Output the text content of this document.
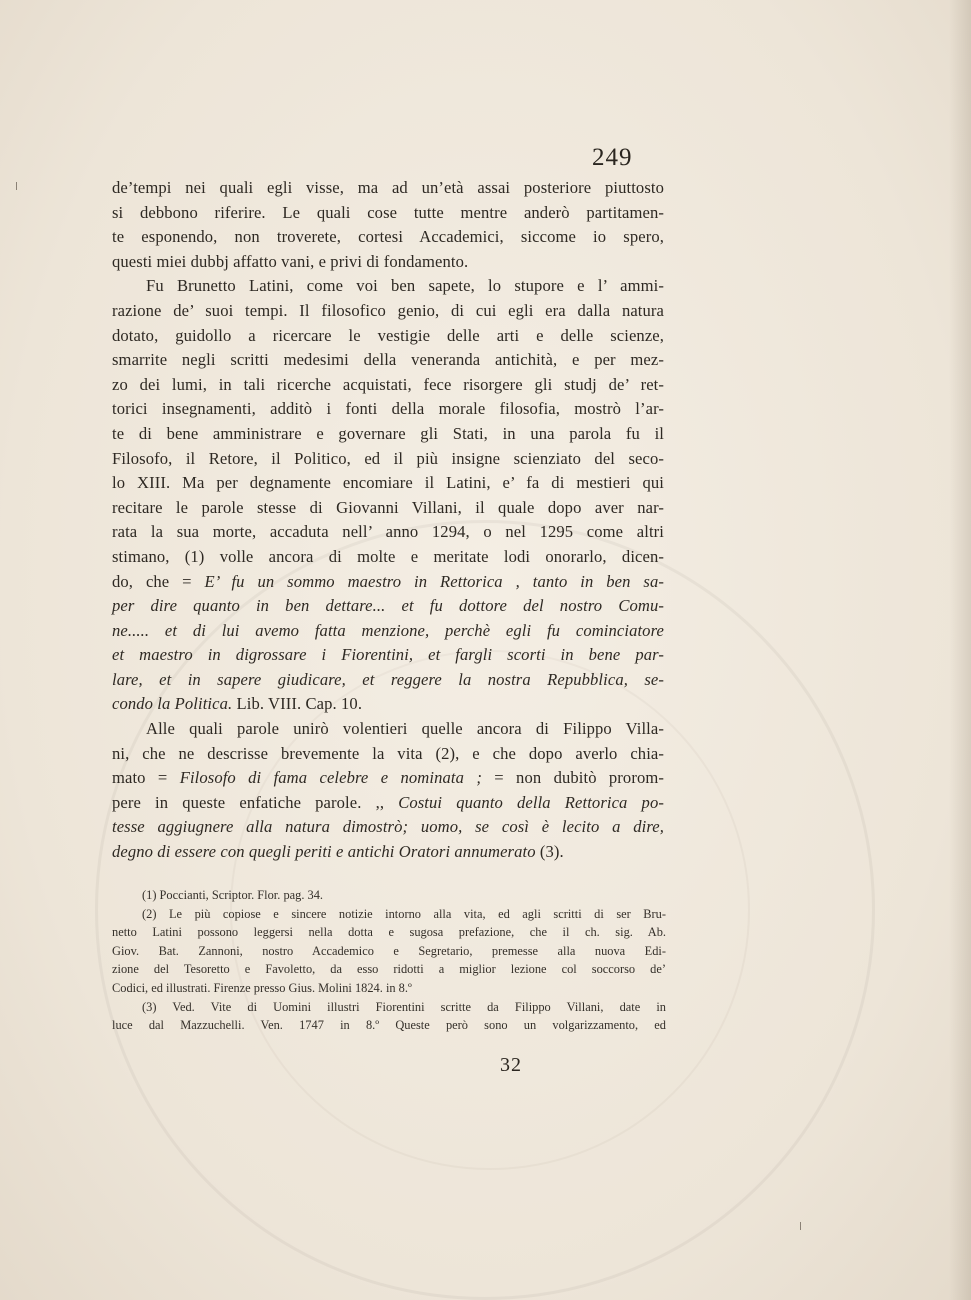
249
de’tempi nei quali egli visse, ma ad un’età assai posteriore piuttosto
si debbono riferire. Le quali cose tutte mentre anderò partitamen-
te esponendo, non troverete, cortesi Accademici, siccome io spero,
questi miei dubbj affatto vani, e privi di fondamento.
Fu Brunetto Latini, come voi ben sapete, lo stupore e l’ ammi-
razione de’ suoi tempi. Il filosofico genio, di cui egli era dalla natura
dotato, guidollo a ricercare le vestigie delle arti e delle scienze,
smarrite negli scritti medesimi della veneranda antichità, e per mez-
zo dei lumi, in tali ricerche acquistati, fece risorgere gli studj de’ ret-
torici insegnamenti, additò i fonti della morale filosofia, mostrò l’ar-
te di bene amministrare e governare gli Stati, in una parola fu il
Filosofo, il Retore, il Politico, ed il più insigne scienziato del seco-
lo XIII. Ma per degnamente encomiare il Latini, e’ fa di mestieri qui
recitare le parole stesse di Giovanni Villani, il quale dopo aver nar-
rata la sua morte, accaduta nell’ anno 1294, o nel 1295 come altri
stimano, (1) volle ancora di molte e meritate lodi onorarlo, dicen-
do, che = E’ fu un sommo maestro in Rettorica , tanto in ben sa-
per dire quanto in ben dettare... et fu dottore del nostro Comu-
ne..... et di lui avemo fatta menzione, perchè egli fu cominciatore
et maestro in digrossare i Fiorentini, et fargli scorti in bene par-
lare, et in sapere giudicare, et reggere la nostra Repubblica, se-
condo la Politica. Lib. VIII. Cap. 10.
Alle quali parole unirò volentieri quelle ancora di Filippo Villa-
ni, che ne descrisse brevemente la vita (2), e che dopo averlo chia-
mato = Filosofo di fama celebre e nominata ; = non dubitò prorom-
pere in queste enfatiche parole. ,, Costui quanto della Rettorica po-
tesse aggiugnere alla natura dimostrò; uomo, se così è lecito a dire,
degno di essere con quegli periti e antichi Oratori annumerato (3).
(1) Poccianti, Scriptor. Flor. pag. 34.
(2) Le più copiose e sincere notizie intorno alla vita, ed agli scritti di ser Bru-
netto Latini possono leggersi nella dotta e sugosa prefazione, che il ch. sig. Ab.
Giov. Bat. Zannoni, nostro Accademico e Segretario, premesse alla nuova Edi-
zione del Tesoretto e Favoletto, da esso ridotti a miglior lezione col soccorso de’
Codici, ed illustrati. Firenze presso Gius. Molini 1824. in 8.º
(3) Ved. Vite di Uomini illustri Fiorentini scritte da Filippo Villani, date in
luce dal Mazzuchelli. Ven. 1747 in 8.º Queste però sono un volgarizzamento, ed
32
